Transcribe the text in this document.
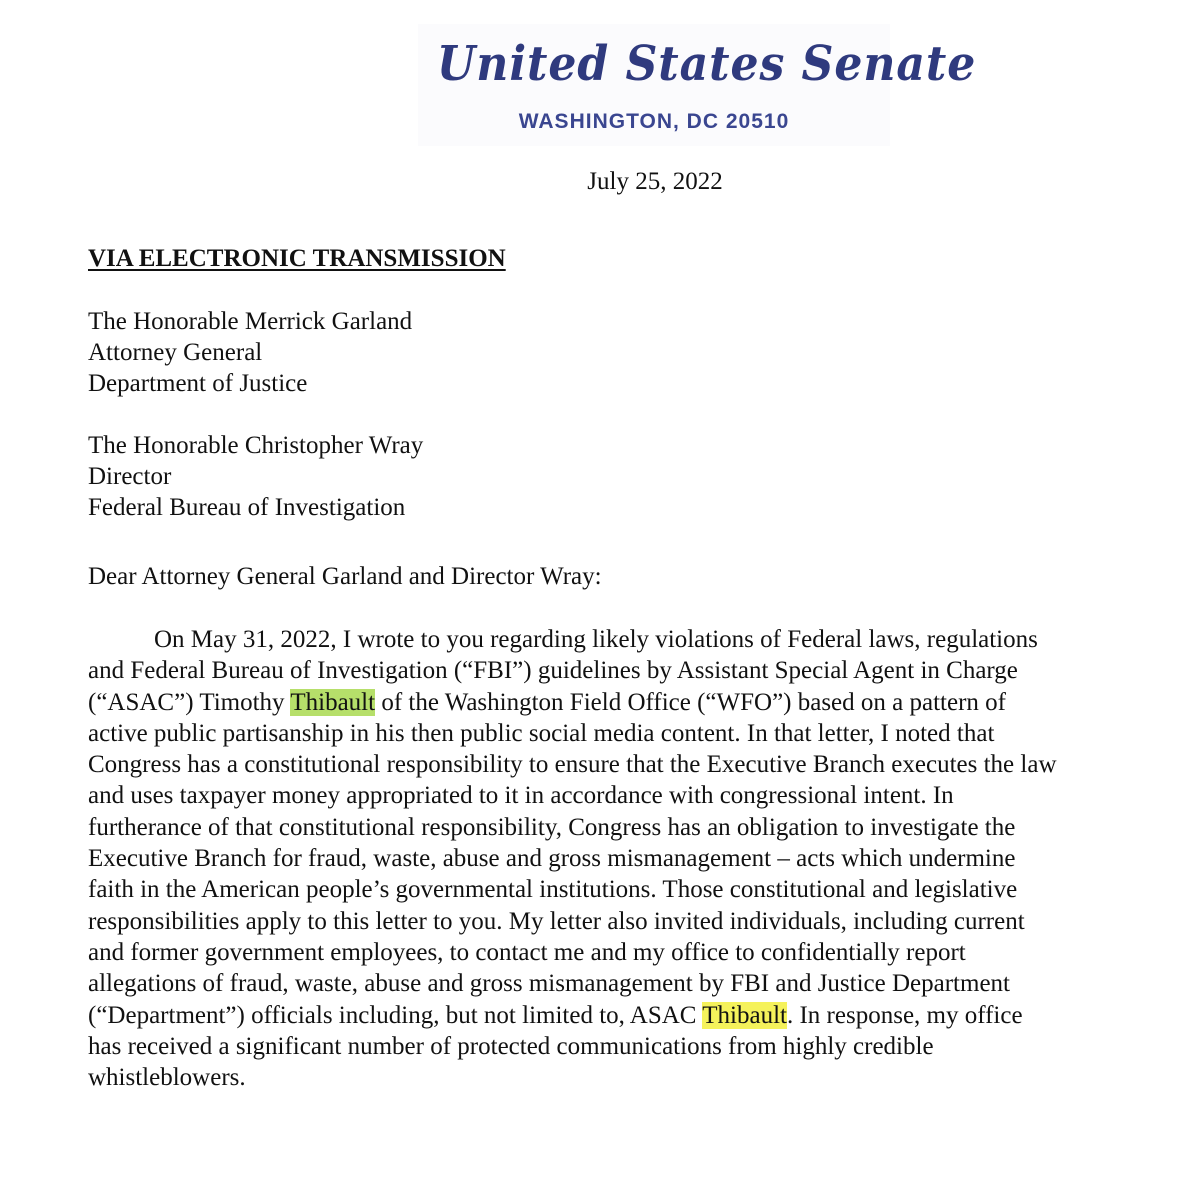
United States Senate
WASHINGTON, DC 20510
July 25, 2022
VIA ELECTRONIC TRANSMISSION
The Honorable Merrick Garland
Attorney General
Department of Justice
The Honorable Christopher Wray
Director
Federal Bureau of Investigation
Dear Attorney General Garland and Director Wray:
On May 31, 2022, I wrote to you regarding likely violations of Federal laws, regulations
and Federal Bureau of Investigation (“FBI”) guidelines by Assistant Special Agent in Charge
(“ASAC”) Timothy Thibault of the Washington Field Office (“WFO”) based on a pattern of
active public partisanship in his then public social media content. In that letter, I noted that
Congress has a constitutional responsibility to ensure that the Executive Branch executes the law
and uses taxpayer money appropriated to it in accordance with congressional intent. In
furtherance of that constitutional responsibility, Congress has an obligation to investigate the
Executive Branch for fraud, waste, abuse and gross mismanagement – acts which undermine
faith in the American people’s governmental institutions. Those constitutional and legislative
responsibilities apply to this letter to you. My letter also invited individuals, including current
and former government employees, to contact me and my office to confidentially report
allegations of fraud, waste, abuse and gross mismanagement by FBI and Justice Department
(“Department”) officials including, but not limited to, ASAC Thibault. In response, my office
has received a significant number of protected communications from highly credible
whistleblowers.
